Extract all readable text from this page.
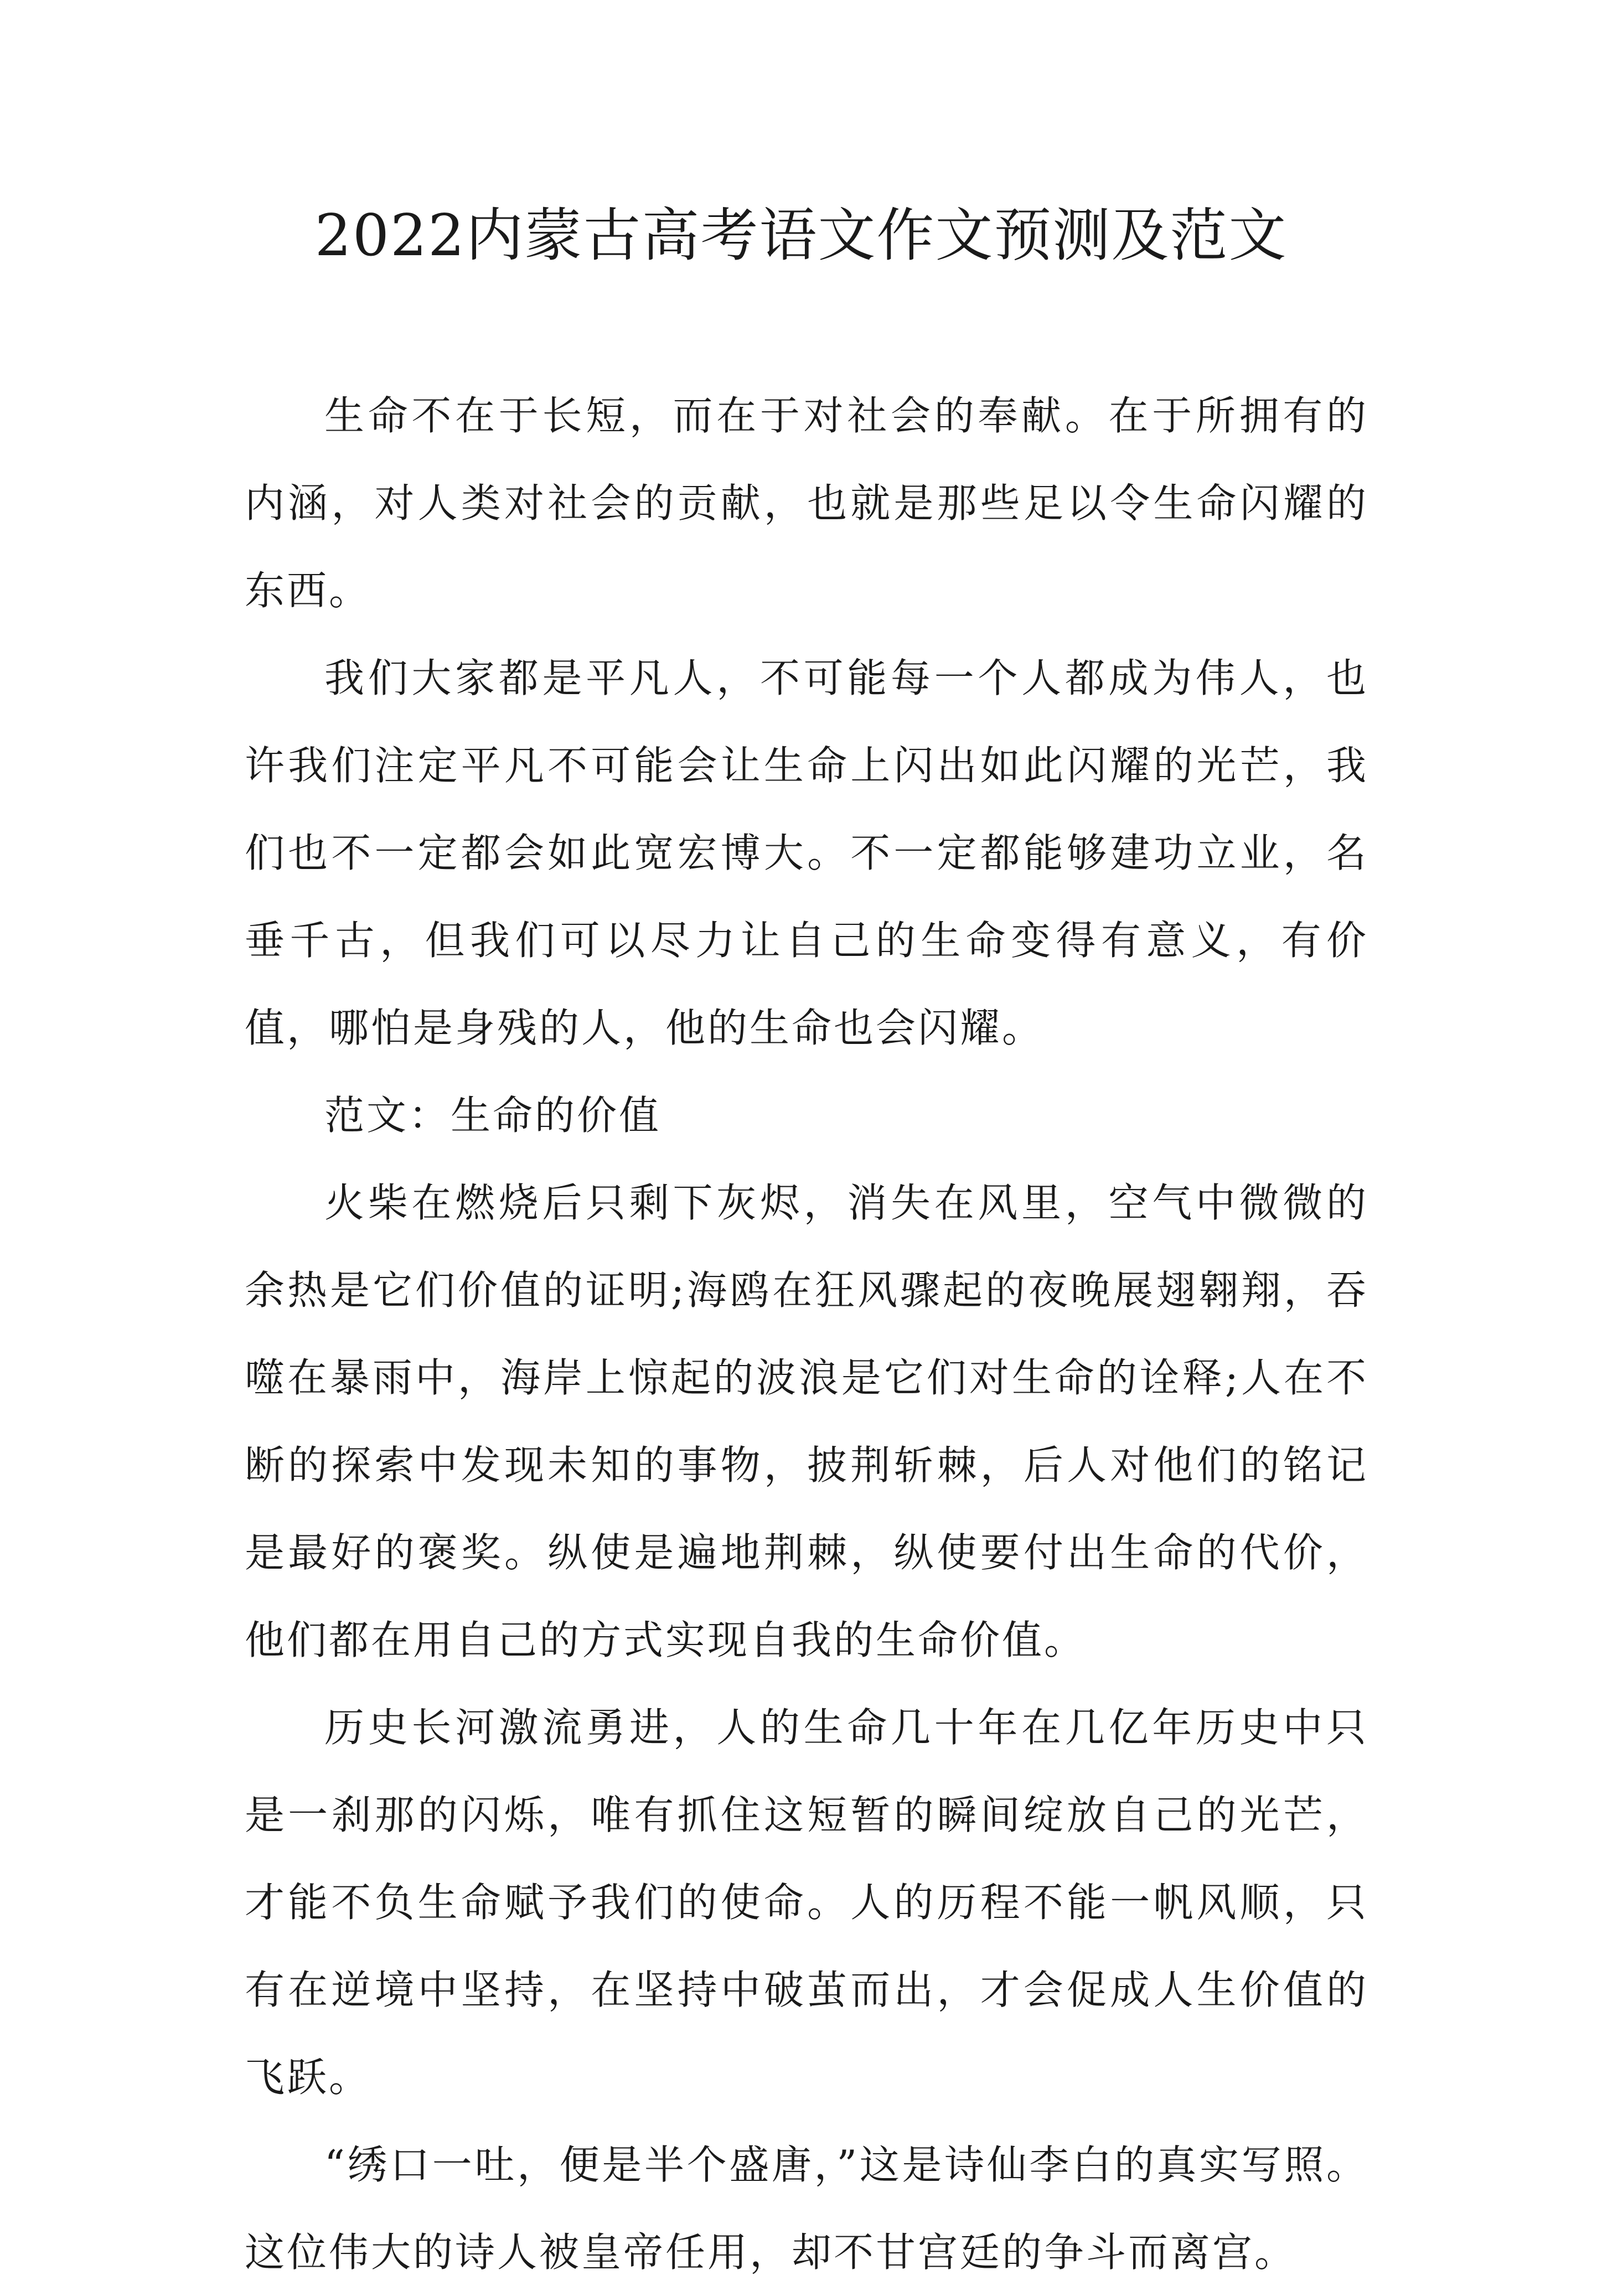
2022内蒙古高考语文作文预测及范文

生命不在于长短，而在于对社会的奉献。在于所拥有的内涵，对人类对社会的贡献，也就是那些足以令生命闪耀的东西。

我们大家都是平凡人，不可能每一个人都成为伟人，也许我们注定平凡不可能会让生命上闪出如此闪耀的光芒，我们也不一定都会如此宽宏博大。不一定都能够建功立业，名垂千古，但我们可以尽力让自己的生命变得有意义，有价值，哪怕是身残的人，他的生命也会闪耀。

范文：生命的价值

火柴在燃烧后只剩下灰烬，消失在风里，空气中微微的余热是它们价值的证明;海鸥在狂风骤起的夜晚展翅翱翔，吞噬在暴雨中，海岸上惊起的波浪是它们对生命的诠释;人在不断的探索中发现未知的事物，披荆斩棘，后人对他们的铭记是最好的褒奖。纵使是遍地荆棘，纵使要付出生命的代价，他们都在用自己的方式实现自我的生命价值。

历史长河激流勇进，人的生命几十年在几亿年历史中只是一刹那的闪烁，唯有抓住这短暂的瞬间绽放自己的光芒，才能不负生命赋予我们的使命。人的历程不能一帆风顺，只有在逆境中坚持，在坚持中破茧而出，才会促成人生价值的飞跃。

“绣口一吐，便是半个盛唐，”这是诗仙李白的真实写照。这位伟大的诗人被皇帝任用，却不甘宫廷的争斗而离宫。
